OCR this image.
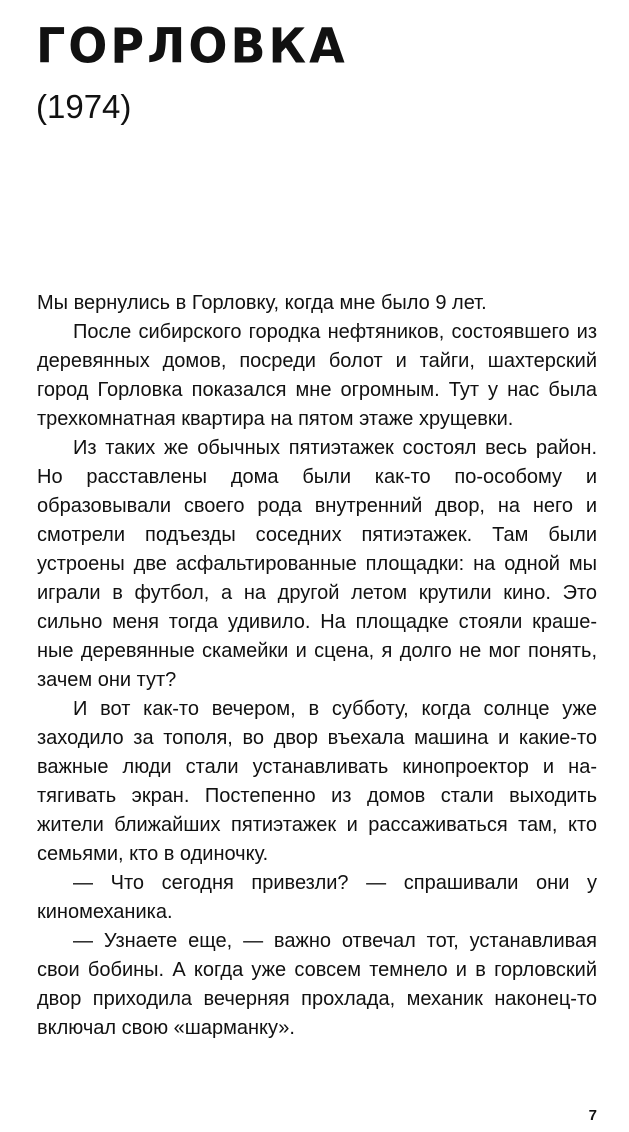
ГОРЛОВКА
(1974)

Мы вернулись в Горловку, когда мне было 9 лет.

После сибирского городка нефтяников, состоявшего из деревянных домов, посреди болот и тайги, шахтерский город Горловка показался мне огромным. Тут у нас была трехкомнатная квартира на пятом этаже хрущевки.

Из таких же обычных пятиэтажек состоял весь район. Но расставлены дома были как-то по-особому и образовывали своего рода внутренний двор, на него и смотрели подъезды соседних пятиэтажек. Там были устроены две асфальтированные площадки: на одной мы играли в футбол, а на другой летом крутили кино. Это сильно меня тогда удивило. На площадке стояли крашеные деревянные скамейки и сцена, я долго не мог понять, зачем они тут?

И вот как-то вечером, в субботу, когда солнце уже заходило за тополя, во двор въехала машина и какие-то важные люди стали устанавливать кинопроектор и натягивать экран. Постепенно из домов стали выходить жители ближайших пятиэтажек и рассаживаться там, кто семьями, кто в одиночку.

— Что сегодня привезли? — спрашивали они у киномеханика.

— Узнаете еще, — важно отвечал тот, устанавливая свои бобины. А когда уже совсем темнело и в горловский двор приходила вечерняя прохлада, механик наконец-то включал свою «шарманку».

7
